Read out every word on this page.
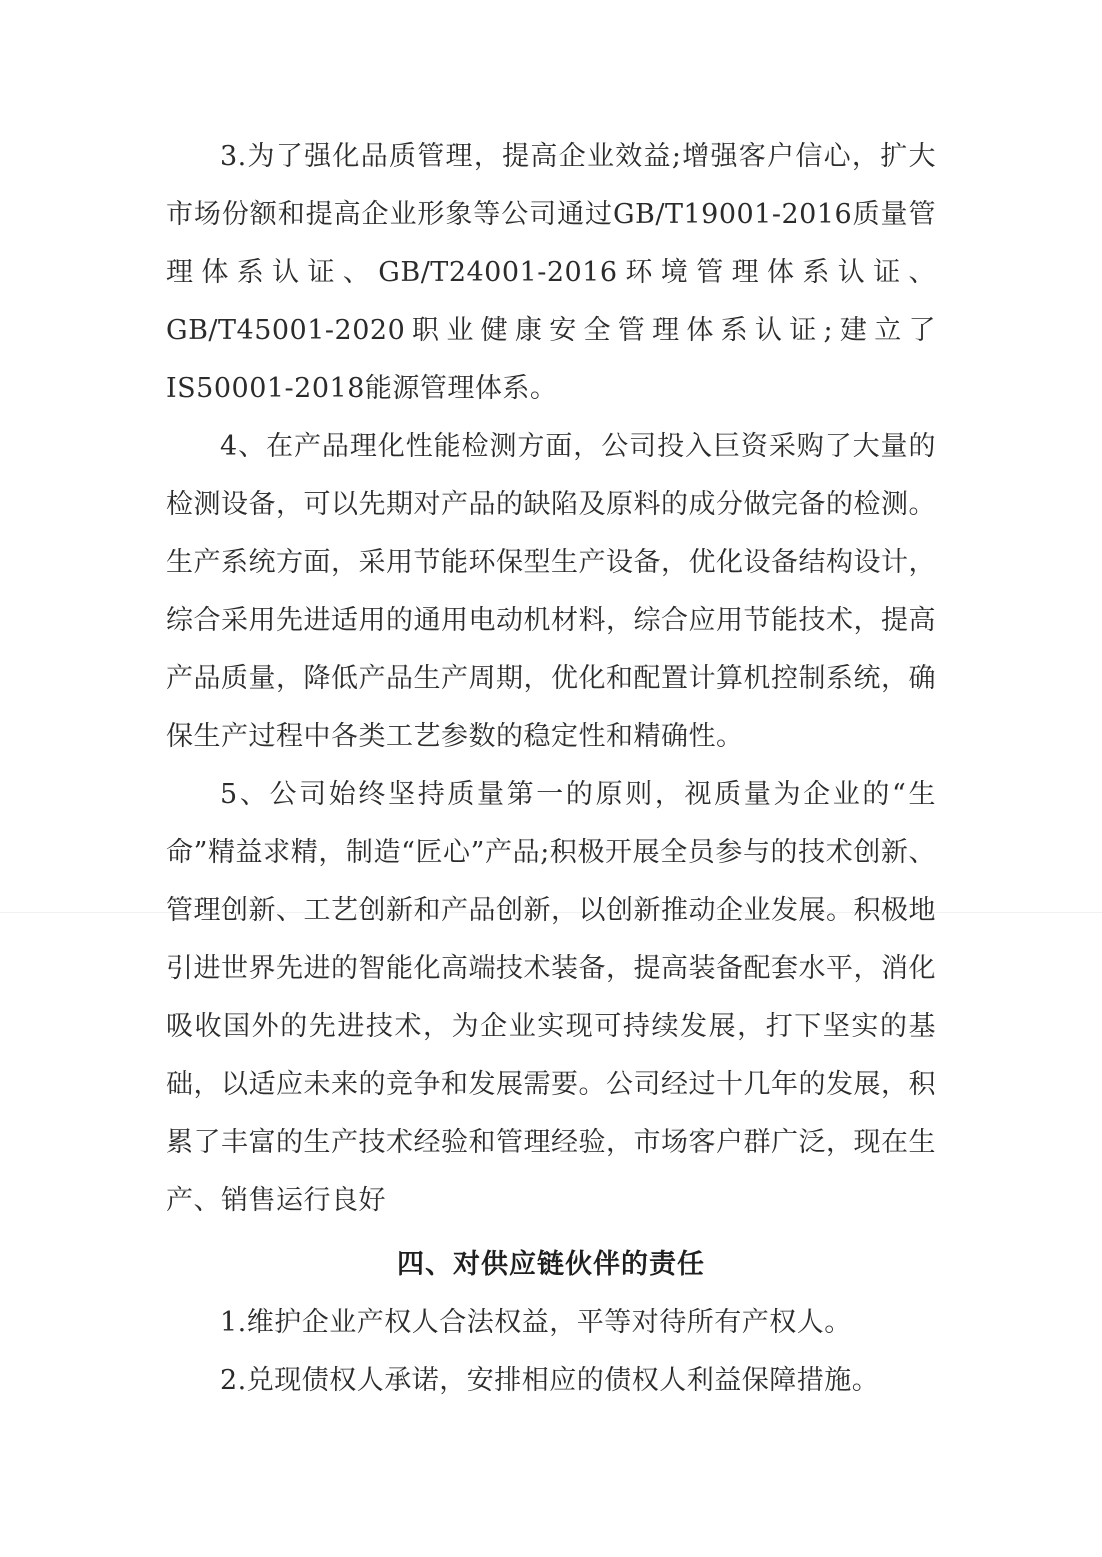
3.为了强化品质管理，提高企业效益;增强客户信心，扩大市场份额和提高企业形象等公司通过GB/T19001-2016质量管理体系认证、GB/T24001-2016环境管理体系认证、GB/T45001-2020职业健康安全管理体系认证;建立了IS50001-2018能源管理体系。

4、在产品理化性能检测方面，公司投入巨资采购了大量的检测设备，可以先期对产品的缺陷及原料的成分做完备的检测。生产系统方面，采用节能环保型生产设备，优化设备结构设计，综合采用先进适用的通用电动机材料，综合应用节能技术，提高产品质量，降低产品生产周期，优化和配置计算机控制系统，确保生产过程中各类工艺参数的稳定性和精确性。

5、公司始终坚持质量第一的原则，视质量为企业的“生命”精益求精，制造“匠心”产品;积极开展全员参与的技术创新、管理创新、工艺创新和产品创新，以创新推动企业发展。积极地引进世界先进的智能化高端技术装备，提高装备配套水平，消化吸收国外的先进技术，为企业实现可持续发展，打下坚实的基础，以适应未来的竞争和发展需要。公司经过十几年的发展，积累了丰富的生产技术经验和管理经验，市场客户群广泛，现在生产、销售运行良好

四、对供应链伙伴的责任

1.维护企业产权人合法权益，平等对待所有产权人。

2.兑现债权人承诺，安排相应的债权人利益保障措施。
